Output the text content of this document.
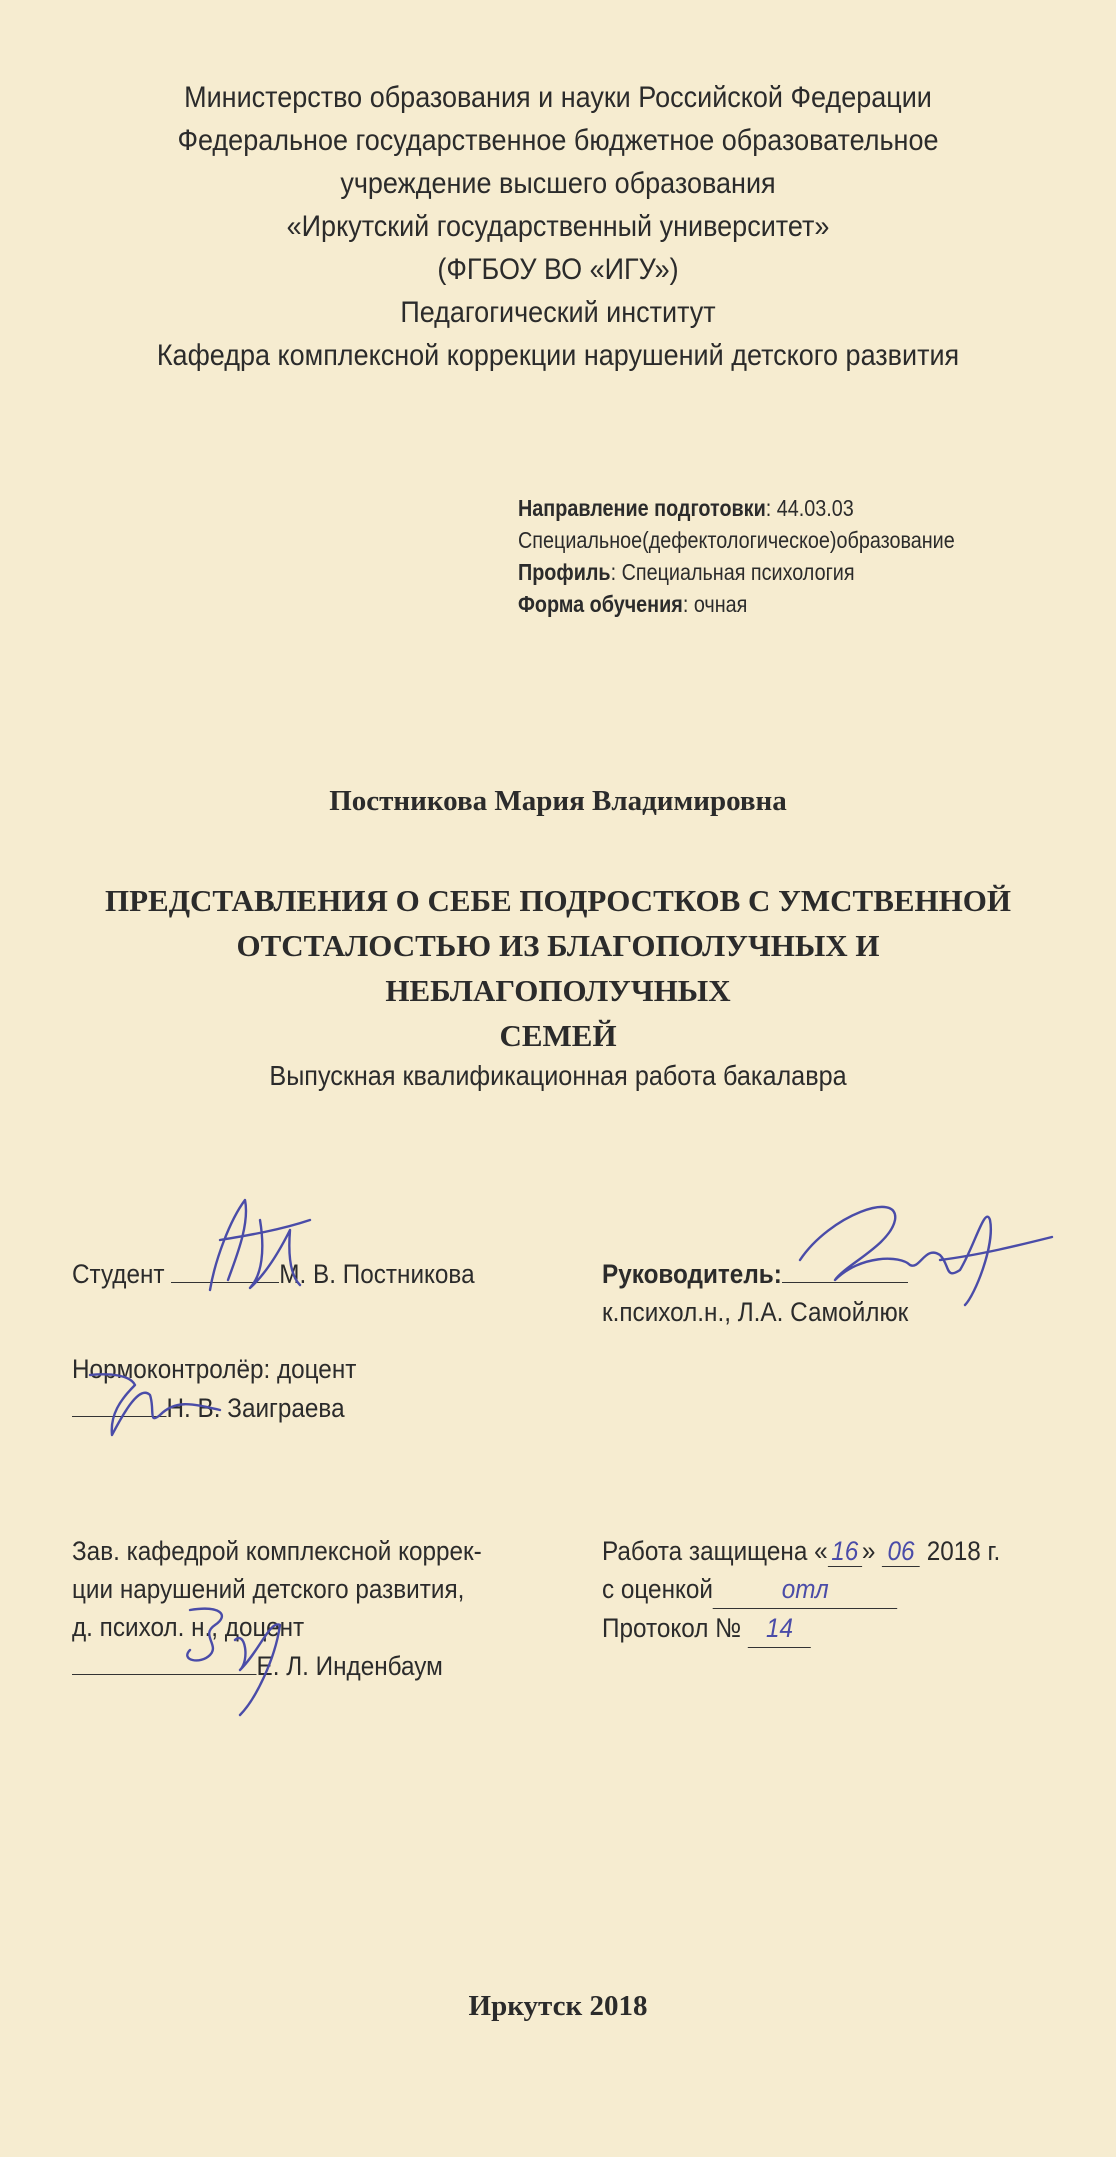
Министерство образования и науки Российской Федерации
Федеральное государственное бюджетное образовательное
учреждение высшего образования
«Иркутский государственный университет»
(ФГБОУ ВО «ИГУ»)
Педагогический институт
Кафедра комплексной коррекции нарушений детского развития
Направление подготовки: 44.03.03
Специальное(дефектологическое)образование
Профиль: Специальная психология
Форма обучения: очная
Постникова Мария Владимировна
ПРЕДСТАВЛЕНИЯ О СЕБЕ ПОДРОСТКОВ С УМСТВЕННОЙ
ОТСТАЛОСТЬЮ ИЗ БЛАГОПОЛУЧНЫХ И НЕБЛАГОПОЛУЧНЫХ
СЕМЕЙ
Выпускная квалификационная работа бакалавра
Студент	М. В. Постникова	Руководитель:
к.психол.н., Л.А. Самойлюк
Нормоконтролёр: доцент
Н. В. Заиграева
Зав. кафедрой комплексной коррек-
ции нарушений детского развития,
д. психол. н., доцент
Е. Л. Инденбаум
Работа защищена « 16 » 06 2018 г.
с оценкой	отл
Протокол № 14
Иркутск 2018
